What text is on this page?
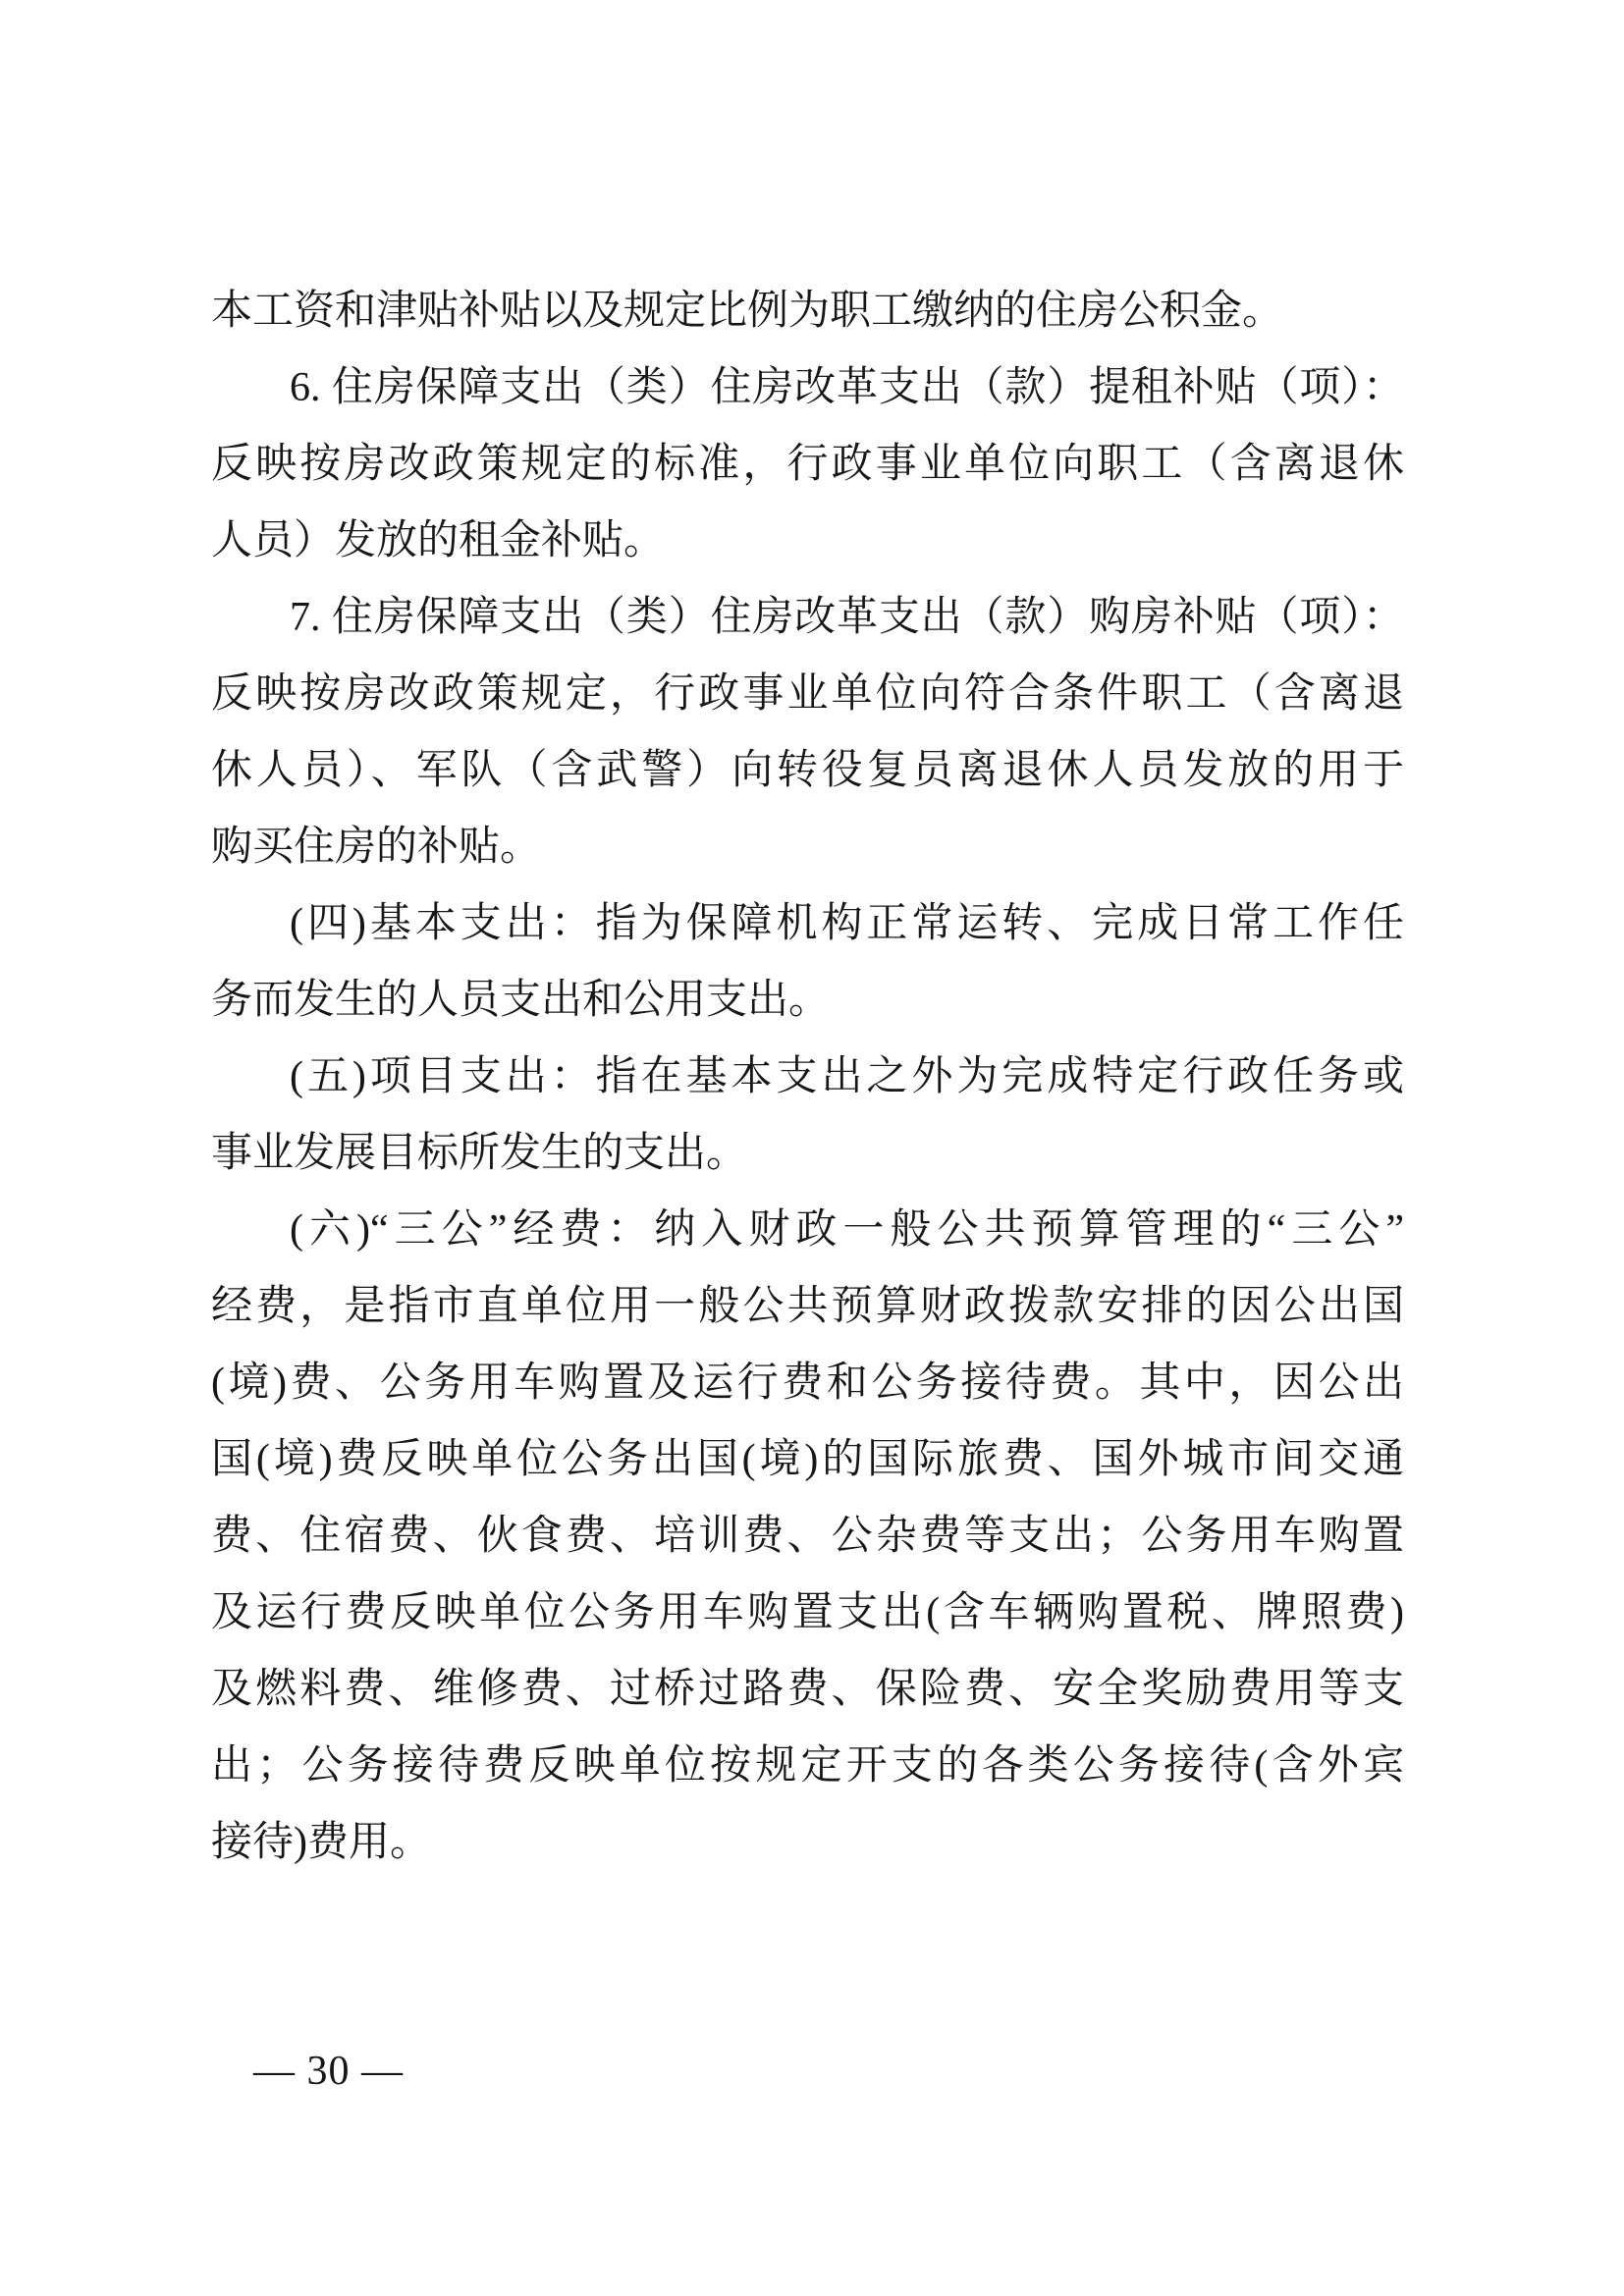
本工资和津贴补贴以及规定比例为职工缴纳的住房公积金。
6. 住房保障支出（类）住房改革支出（款）提租补贴（项）：
反映按房改政策规定的标准，行政事业单位向职工（含离退休
人员）发放的租金补贴。
7. 住房保障支出（类）住房改革支出（款）购房补贴（项）：
反映按房改政策规定，行政事业单位向符合条件职工（含离退
休人员）、军队（含武警）向转役复员离退休人员发放的用于
购买住房的补贴。
(四)基本支出：指为保障机构正常运转、完成日常工作任
务而发生的人员支出和公用支出。
(五)项目支出：指在基本支出之外为完成特定行政任务或
事业发展目标所发生的支出。
(六)“三公”经费：纳入财政一般公共预算管理的“三公”
经费，是指市直单位用一般公共预算财政拨款安排的因公出国
(境)费、公务用车购置及运行费和公务接待费。其中，因公出
国(境)费反映单位公务出国(境)的国际旅费、国外城市间交通
费、住宿费、伙食费、培训费、公杂费等支出；公务用车购置
及运行费反映单位公务用车购置支出(含车辆购置税、牌照费)
及燃料费、维修费、过桥过路费、保险费、安全奖励费用等支
出；公务接待费反映单位按规定开支的各类公务接待(含外宾
接待)费用。
— 30 —
